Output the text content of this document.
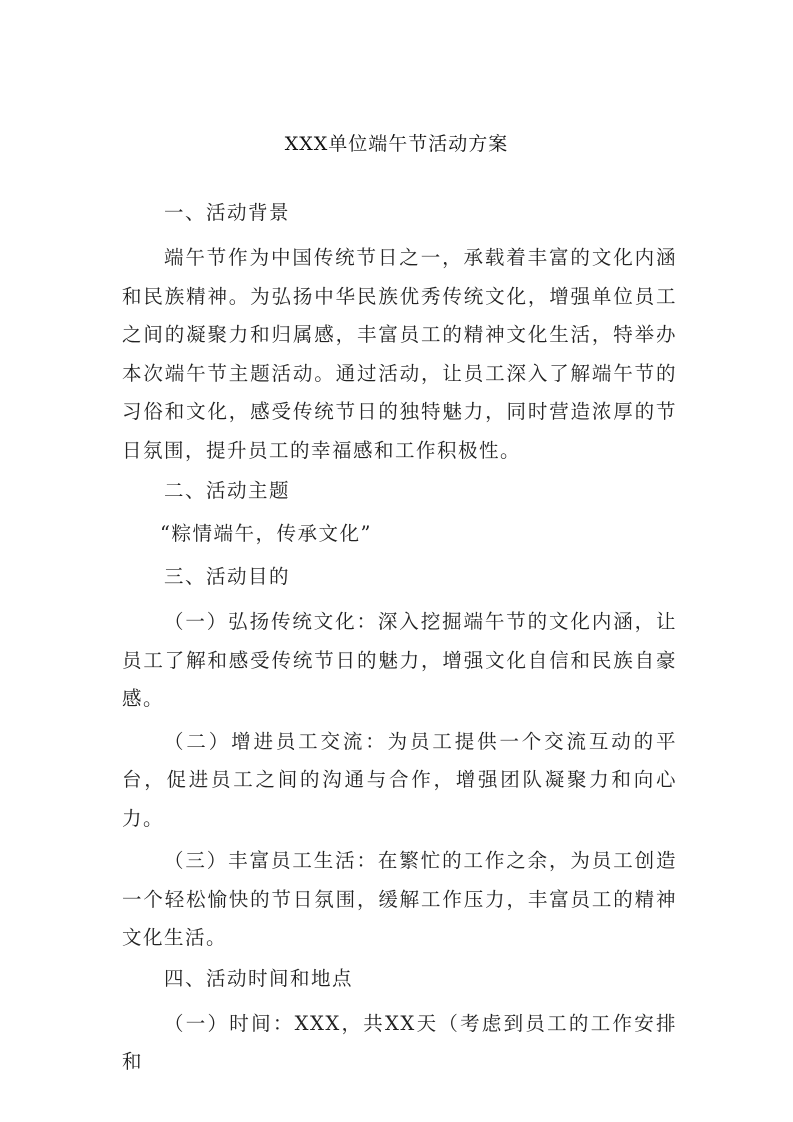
XXX单位端午节活动方案

一、活动背景

端午节作为中国传统节日之一，承载着丰富的文化内涵和民族精神。为弘扬中华民族优秀传统文化，增强单位员工之间的凝聚力和归属感，丰富员工的精神文化生活，特举办本次端午节主题活动。通过活动，让员工深入了解端午节的习俗和文化，感受传统节日的独特魅力，同时营造浓厚的节日氛围，提升员工的幸福感和工作积极性。

二、活动主题

“粽情端午，传承文化”

三、活动目的

（一）弘扬传统文化：深入挖掘端午节的文化内涵，让员工了解和感受传统节日的魅力，增强文化自信和民族自豪感。

（二）增进员工交流：为员工提供一个交流互动的平台，促进员工之间的沟通与合作，增强团队凝聚力和向心力。

（三）丰富员工生活：在繁忙的工作之余，为员工创造一个轻松愉快的节日氛围，缓解工作压力，丰富员工的精神文化生活。

四、活动时间和地点

（一）时间：XXX，共XX天（考虑到员工的工作安排和
